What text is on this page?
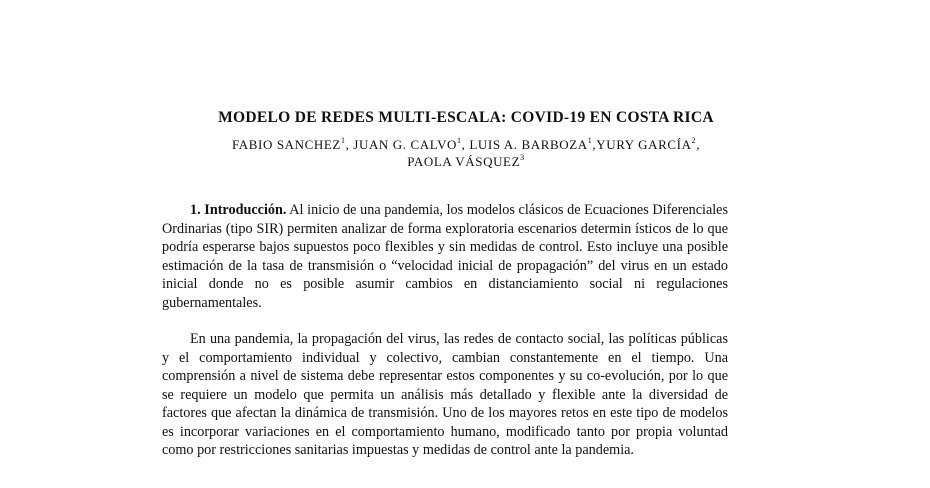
MODELO DE REDES MULTI-ESCALA: COVID-19 EN COSTA RICA
FABIO SANCHEZ$^1$, JUAN G. CALVO$^1$, LUIS A. BARBOZA$^1$,YURY GARCÍA$^2$,
PAOLA VÁSQUEZ$^3$
1. Introducción. Al inicio de una pandemia, los modelos clásicos de Ecuaciones Diferenciales Ordinarias (tipo SIR) permiten analizar de forma exploratoria escenarios determin ísticos de lo que podría esperarse bajos supuestos poco flexibles y sin medidas de control. Esto incluye una posible estimación de la tasa de transmisión o “velocidad inicial de propagación” del virus en un estado inicial donde no es posible asumir cambios en distanciamiento social ni regulaciones gubernamentales.
En una pandemia, la propagación del virus, las redes de contacto social, las políticas públicas y el comportamiento individual y colectivo, cambian constantemente en el tiempo. Una comprensión a nivel de sistema debe representar estos componentes y su co-evolución, por lo que se requiere un modelo que permita un análisis más detallado y flexible ante la diversidad de factores que afectan la dinámica de transmisión. Uno de los mayores retos en este tipo de modelos es incorporar variaciones en el comportamiento humano, modificado tanto por propia voluntad como por restricciones sanitarias impuestas y medidas de control ante la pandemia.
